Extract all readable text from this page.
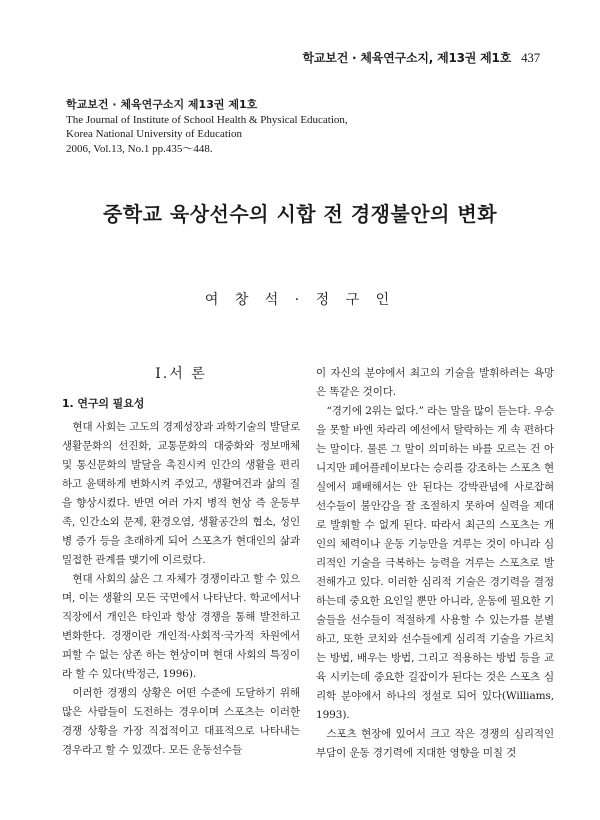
학교보건 · 체육연구소지, 제13권 제1호 437
학교보건 · 체육연구소지 제13권 제1호
The Journal of Institute of School Health & Physical Education,
Korea National University of Education
2006, Vol.13, No.1 pp.435～448.
중학교 육상선수의 시합 전 경쟁불안의 변화
여 창 석 · 정 구 인
Ⅰ.서 론
1. 연구의 필요성

현대 사회는 고도의 경제성장과 과학기술의 발달로 생활문화의 선진화, 교통문화의 대중화와 정보매체 및 통신문화의 발달을 촉진시켜 인간의 생활을 편리하고 윤택하게 변화시켜 주었고, 생활여건과 삶의 질을 향상시켰다. 반면 여러 가지 병적 현상 즉 운동부족, 인간소외 문제, 환경오염, 생활공간의 협소, 성인병 증가 등을 초래하게 되어 스포츠가 현대인의 삶과 밀접한 관계를 맺기에 이르렀다.

현대 사회의 삶은 그 자체가 경쟁이라고 할 수 있으며, 이는 생활의 모든 국면에서 나타난다. 학교에서나 직장에서 개인은 타인과 항상 경쟁을 통해 발전하고 변화한다. 경쟁이란 개인적·사회적·국가적 차원에서 피할 수 없는 상존 하는 현상이며 현대 사회의 특징이라 할 수 있다(박정근, 1996).

이러한 경쟁의 상황은 어떤 수준에 도달하기 위해 많은 사람들이 도전하는 경우이며 스포츠는 이러한 경쟁 상황을 가장 직접적이고 대표적으로 나타내는 경우라고 할 수 있겠다. 모든 운동선수들

이 자신의 분야에서 최고의 기술을 발휘하려는 욕망은 똑같은 것이다.

“경기에 2위는 없다.” 라는 말을 많이 듣는다. 우승을 못할 바엔 차라리 예선에서 탈락하는 게 속 편하다는 말이다. 물론 그 말이 의미하는 바를 모르는 건 아니지만 페어플레이보다는 승리를 강조하는 스포츠 현실에서 패배해서는 안 된다는 강박관념에 사로잡혀 선수들이 불안감을 잘 조절하지 못하여 실력을 제대로 발휘할 수 없게 된다. 따라서 최근의 스포츠는 개인의 체력이나 운동 기능만을 겨루는 것이 아니라 심리적인 기술을 극복하는 능력을 겨루는 스포츠로 발전해가고 있다. 이러한 심리적 기술은 경기력을 결정하는데 중요한 요인일 뿐만 아니라, 운동에 필요한 기술들을 선수들이 적절하게 사용할 수 있는가를 분별하고, 또한 코치와 선수들에게 심리적 기술을 가르치는 방법, 배우는 방법, 그리고 적용하는 방법 등을 교육 시키는데 중요한 길잡이가 된다는 것은 스포츠 심리학 분야에서 하나의 정설로 되어 있다(Williams, 1993).

스포츠 현장에 있어서 크고 작은 경쟁의 심리적인 부담이 운동 경기력에 지대한 영향을 미칠 것
